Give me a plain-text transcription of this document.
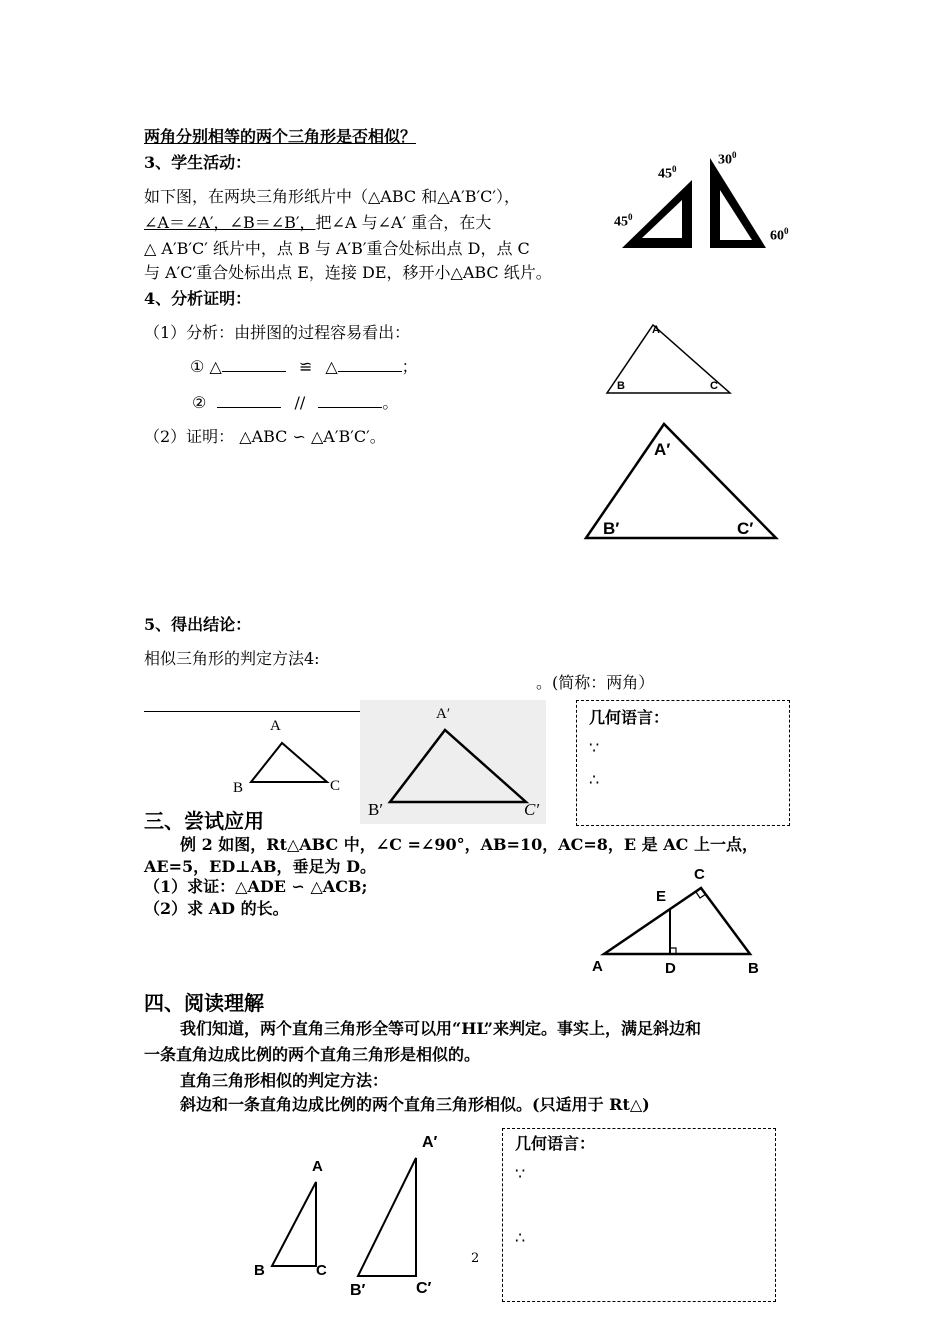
两角分别相等的两个三角形是否相似？
3、学生活动：
如下图，在两块三角形纸片中（△ABC 和△A′B′C′），
∠A＝∠A′，∠B＝∠B′，把∠A 与∠A′ 重合，在大
△ A′B′C′ 纸片中，点 B 与 A′B′重合处标出点 D，点 C
与 A′C′重合处标出点 E，连接 DE，移开小△ABC 纸片。
$45^0$
$45^0$
$30^0$
$60^0$
4、分析证明：
（1）分析：由拼图的过程容易看出：
① △	≌ △	；
②	//	。
（2）证明： △ABC ∽ △A′B′C′。
A
B	C
A′
B′	C′
5、得出结论：
相似三角形的判定方法4:
。(简称：两角）
A
B	C
A′
B′	C′
几何语言：
∵
∴
三、尝试应用
例 2 如图，Rt△ABC 中，∠C =∠90°，AB=10，AC=8，E 是 AC 上一点，
AE=5，ED⊥AB，垂足为 D。
（1）求证：△ADE ∽ △ACB;
（2）求 AD 的长。
A	D	B
E
C
四、阅读理解
我们知道，两个直角三角形全等可以用“HL”来判定。事实上，满足斜边和
一条直角边成比例的两个直角三角形是相似的。
直角三角形相似的判定方法：
斜边和一条直角边成比例的两个直角三角形相似。(只适用于 Rt△)
A
B	C
A′
B′	C′
2
几何语言：
∵
∴
